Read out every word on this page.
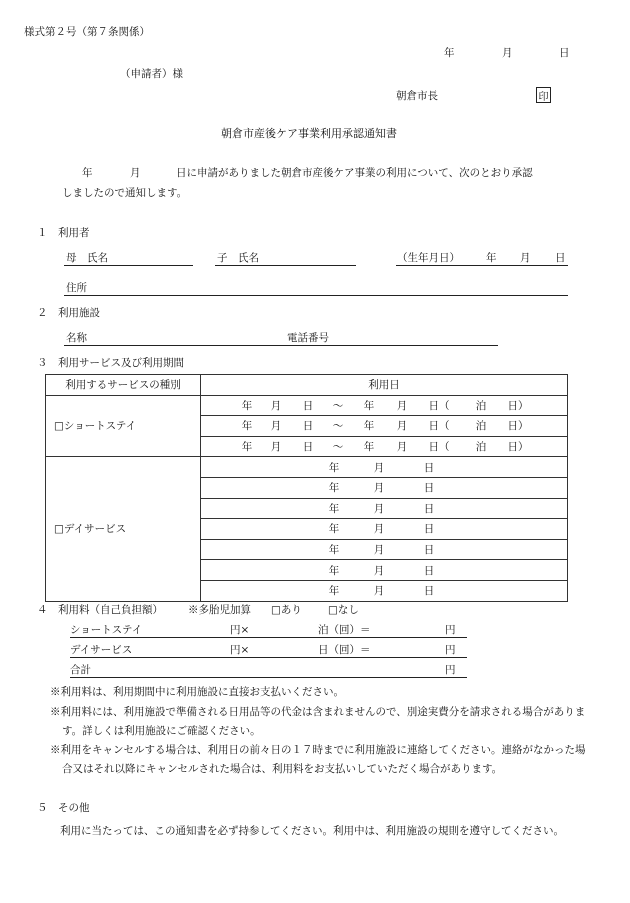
様式第２号（第７条関係）
年	月	日
（申請者）様
朝倉市長	印
朝倉市産後ケア事業利用承認通知書
年	月	日に申請がありました朝倉市産後ケア事業の利用について、次のとおり承認
しましたので通知します。
１　利用者
母　氏名	子　氏名	（生年月日） 年 月 日
住所
２　利用施設
名称	電話番号
３　利用サービス及び利用期間
利用するサービスの種別	利用日
□ショートステイ	年 月 日 ～ 年 月 日（ 泊 日）
	年 月 日 ～ 年 月 日（ 泊 日）
	年 月 日 ～ 年 月 日（ 泊 日）
□デイサービス	年 月 日
	年 月 日
	年 月 日
	年 月 日
	年 月 日
	年 月 日
	年 月 日
４　利用料（自己負担額） ※多胎児加算 □あり □なし
ショートステイ	円×	泊（回）＝	円
デイサービス	円×	日（回）＝	円
合計	円
※利用料は、利用期間中に利用施設に直接お支払いください。
※利用料には、利用施設で準備される日用品等の代金は含まれませんので、別途実費分を請求される場合があります。詳しくは利用施設にご確認ください。
※利用をキャンセルする場合は、利用日の前々日の１７時までに利用施設に連絡してください。連絡がなかった場合又はそれ以降にキャンセルされた場合は、利用料をお支払いしていただく場合があります。
５　その他
利用に当たっては、この通知書を必ず持参してください。利用中は、利用施設の規則を遵守してください。
